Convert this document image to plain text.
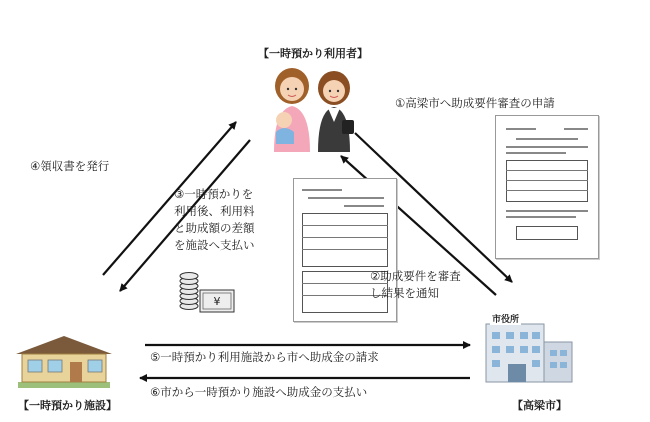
【一時預かり利用者】
【一時預かり施設】
市役所
【高梁市】
¥
①高梁市へ助成要件審査の申請
②助成要件を審査
し結果を通知
③一時預かりを
利用後、利用料
と助成額の差額
を施設へ支払い
④領収書を発行
⑤一時預かり利用施設から市へ助成金の請求
⑥市から一時預かり施設へ助成金の支払い
